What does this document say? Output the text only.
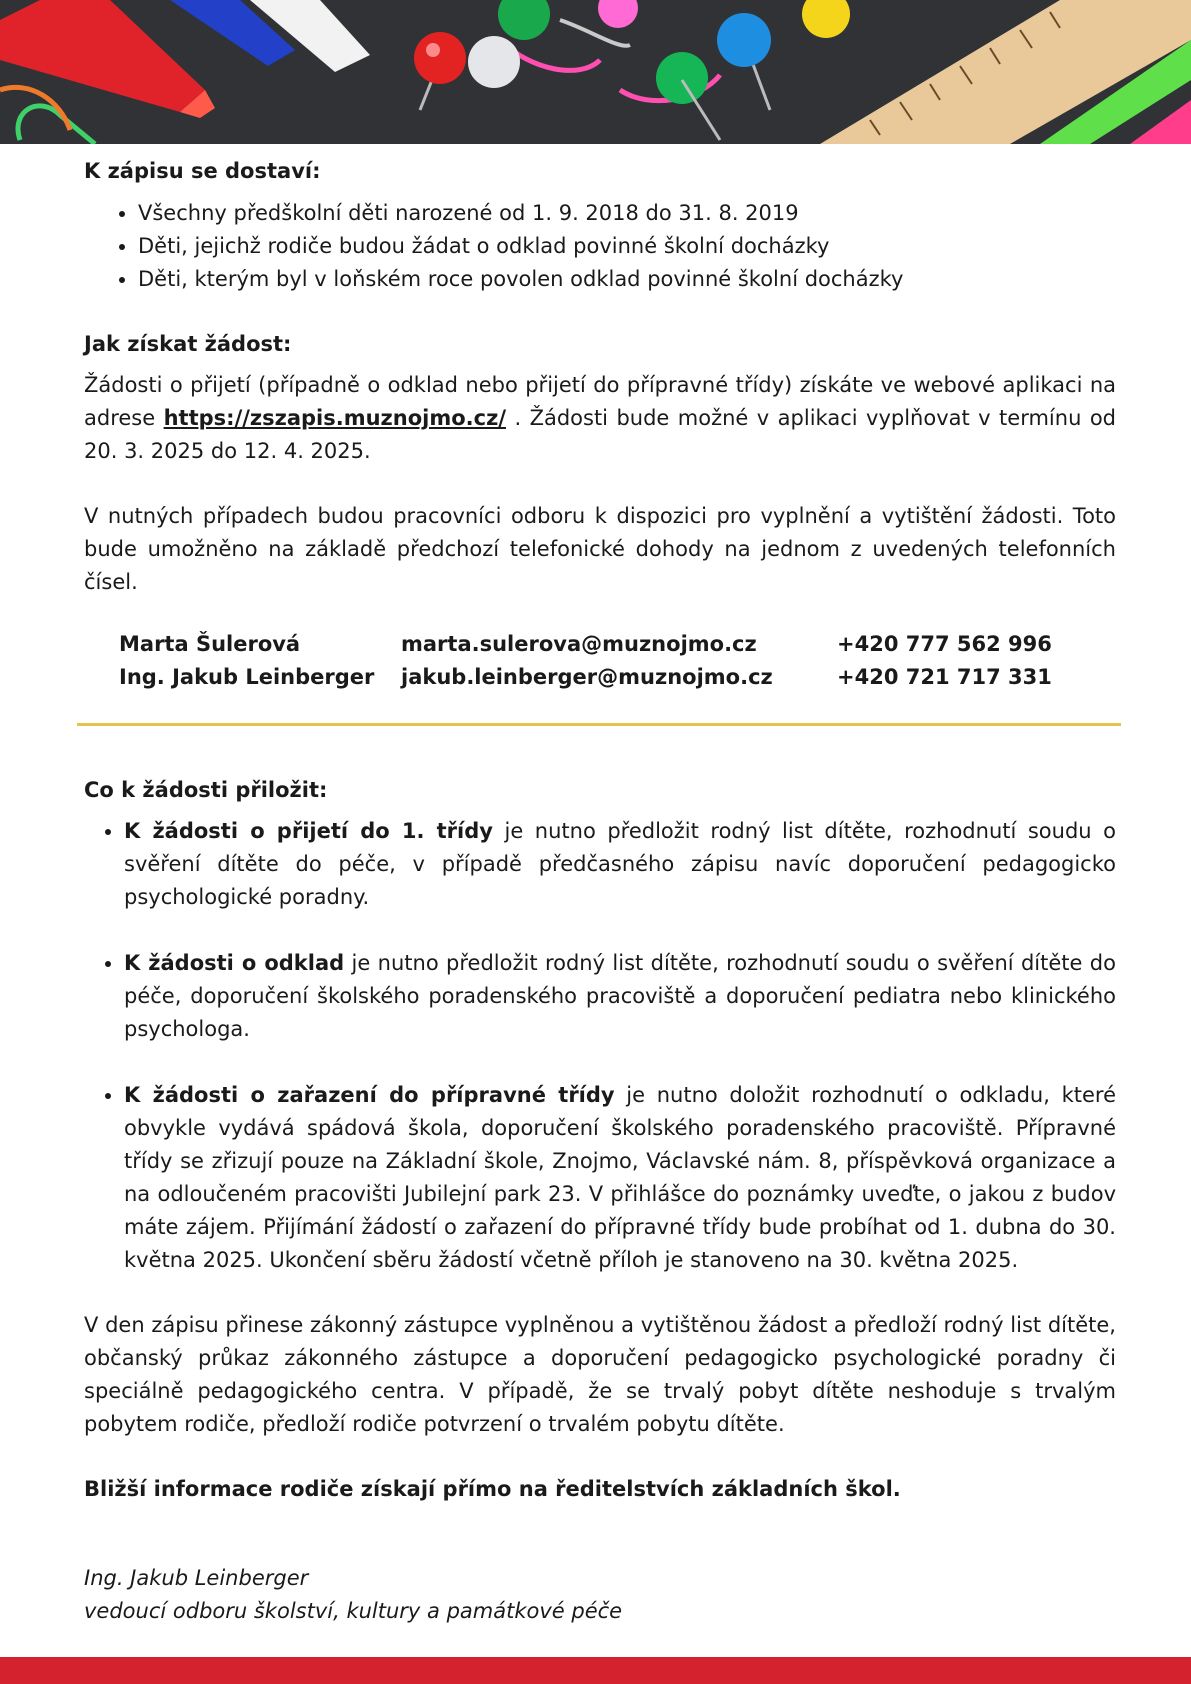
K zápisu se dostaví:

• Všechny předškolní děti narozené od 1. 9. 2018 do 31. 8. 2019
• Děti, jejichž rodiče budou žádat o odklad povinné školní docházky
• Děti, kterým byl v loňském roce povolen odklad povinné školní docházky

Jak získat žádost:

Žádosti o přijetí (případně o odklad nebo přijetí do přípravné třídy) získáte ve webové aplikaci na adrese https://zszapis.muznojmo.cz/ . Žádosti bude možné v aplikaci vyplňovat v termínu od 20. 3. 2025 do 12. 4. 2025.

V nutných případech budou pracovníci odboru k dispozici pro vyplnění a vytištění žádosti. Toto bude umožněno na základě předchozí telefonické dohody na jednom z uvedených telefonních čísel.

Marta Šulerová	marta.sulerova@muznojmo.cz	+420 777 562 996
Ing. Jakub Leinberger	jakub.leinberger@muznojmo.cz	+420 721 717 331

Co k žádosti přiložit:

• K žádosti o přijetí do 1. třídy je nutno předložit rodný list dítěte, rozhodnutí soudu o svěření dítěte do péče, v případě předčasného zápisu navíc doporučení pedagogicko psychologické poradny.
• K žádosti o odklad je nutno předložit rodný list dítěte, rozhodnutí soudu o svěření dítěte do péče, doporučení školského poradenského pracoviště a doporučení pediatra nebo klinického psychologa.
• K žádosti o zařazení do přípravné třídy je nutno doložit rozhodnutí o odkladu, které obvykle vydává spádová škola, doporučení školského poradenského pracoviště. Přípravné třídy se zřizují pouze na Základní škole, Znojmo, Václavské nám. 8, příspěvková organizace a na odloučeném pracovišti Jubilejní park 23. V přihlášce do poznámky uveďte, o jakou z budov máte zájem. Přijímání žádostí o zařazení do přípravné třídy bude probíhat od 1. dubna do 30. května 2025. Ukončení sběru žádostí včetně příloh je stanoveno na 30. května 2025.

V den zápisu přinese zákonný zástupce vyplněnou a vytištěnou žádost a předloží rodný list dítěte, občanský průkaz zákonného zástupce a doporučení pedagogicko psychologické poradny či speciálně pedagogického centra. V případě, že se trvalý pobyt dítěte neshoduje s trvalým pobytem rodiče, předloží rodiče potvrzení o trvalém pobytu dítěte.

Bližší informace rodiče získají přímo na ředitelstvích základních škol.

Ing. Jakub Leinberger

vedoucí odboru školství, kultury a památkové péče
